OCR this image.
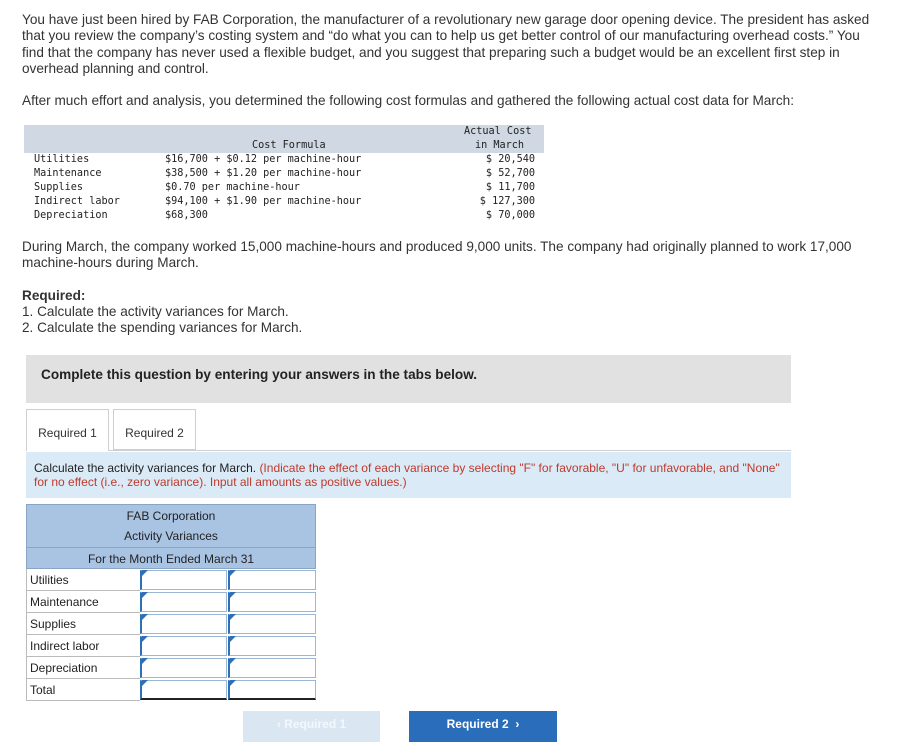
You have just been hired by FAB Corporation, the manufacturer of a revolutionary new garage door opening device. The president has asked that you review the company’s costing system and “do what you can to help us get better control of our manufacturing overhead costs.” You find that the company has never used a flexible budget, and you suggest that preparing such a budget would be an excellent first step in overhead planning and control.

After much effort and analysis, you determined the following cost formulas and gathered the following actual cost data for March:

Cost Formula
Actual Cost
in March
Utilities	$16,700 + $0.12 per machine-hour	$ 20,540
Maintenance	$38,500 + $1.20 per machine-hour	$ 52,700
Supplies	$0.70 per machine-hour	$ 11,700
Indirect labor	$94,100 + $1.90 per machine-hour	$ 127,300
Depreciation	$68,300	$ 70,000

During March, the company worked 15,000 machine-hours and produced 9,000 units. The company had originally planned to work 17,000 machine-hours during March.

Required:
1. Calculate the activity variances for March.
2. Calculate the spending variances for March.
Complete this question by entering your answers in the tabs below.
Required 1	Required 2
Calculate the activity variances for March. (Indicate the effect of each variance by selecting "F" for favorable, "U" for unfavorable, and "None" for no effect (i.e., zero variance). Input all amounts as positive values.)
FAB Corporation
Activity Variances
For the Month Ended March 31
Utilities
Maintenance
Supplies
Indirect labor
Depreciation
Total
‹ Required 1	Required 2  ›
